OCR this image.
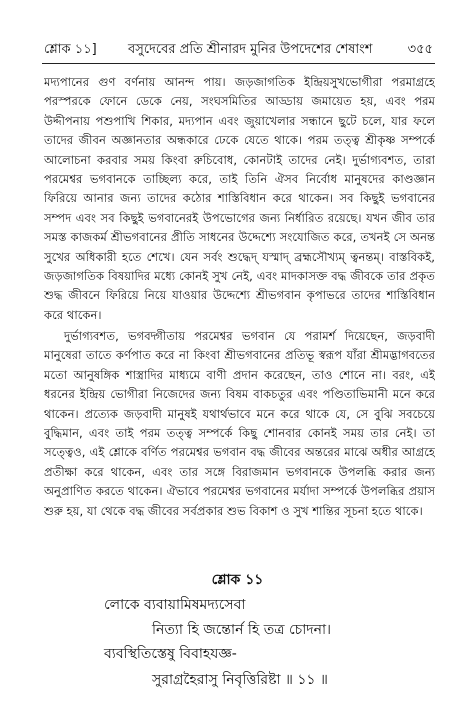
শ্লোক ১১] বসুদেবের প্রতি শ্রীনারদ মুনির উপদেশের শেষাংশ	৩৫৫

মদ্যপানের গুণ বর্ণনায় আনন্দ পায়। জড়জাগতিক ইন্দ্রিয়সুখভোগীরা পরমাগ্রহে পরস্পরকে ফোনে ডেকে নেয়, সংঘসমিতির আড্ডায় জমায়েত হয়, এবং পরম উদ্দীপনায় পশুপাখি শিকার, মদ্যপান এবং জুয়াখেলার সন্ধানে ছুটে চলে, যার ফলে তাদের জীবন অজ্ঞানতার অন্ধকারে ঢেকে যেতে থাকে। পরম তত্ত্ব শ্রীকৃষ্ণ সম্পর্কে আলোচনা করবার সময় কিংবা রুচিবোধ, কোনটাই তাদের নেই। দুর্ভাগ্যবশত, তারা পরমেশ্বর ভগবানকে তাচ্ছিল্য করে, তাই তিনি ঐসব নির্বোধ মানুষদের কাণ্ডজ্ঞান ফিরিয়ে আনার জন্য তাদের কঠোর শাস্তিবিধান করে থাকেন। সব কিছুই ভগবানের সম্পদ এবং সব কিছুই ভগবানেরই উপভোগের জন্য নির্ধারিত রয়েছে। যখন জীব তার সমস্ত কাজকর্ম শ্রীভগবানের প্রীতি সাধনের উদ্দেশ্যে সংযোজিত করে, তখনই সে অনন্ত সুখের অধিকারী হতে শেখে। যেন সর্বং শুদ্ধেদ্ যস্মাদ্ ব্রহ্মসৌখ্যম্ ত্বনন্তম্। বাস্তবিকই, জড়জাগতিক বিষয়াদির মধ্যে কোনই সুখ নেই, এবং মাদকাসক্ত বদ্ধ জীবকে তার প্রকৃত শুদ্ধ জীবনে ফিরিয়ে নিয়ে যাওয়ার উদ্দেশ্যে শ্রীভগবান কৃপাভরে তাদের শাস্তিবিধান করে থাকেন।

দুর্ভাগ্যবশত, ভগবদ্গীতায় পরমেশ্বর ভগবান যে পরামর্শ দিয়েছেন, জড়বাদী মানুষেরা তাতে কর্ণপাত করে না কিংবা শ্রীভগবানের প্রতিভূ স্বরূপ যাঁরা শ্রীমদ্ভাগবতের মতো আনুষঙ্গিক শাস্ত্রাদির মাধ্যমে বাণী প্রদান করেছেন, তাও শোনে না। বরং, এই ধরনের ইন্দ্রিয় ভোগীরা নিজেদের জন্য বিষম বাকচতুর এবং পণ্ডিতাভিমানী মনে করে থাকেন। প্রত্যেক জড়বাদী মানুষই যথার্থভাবে মনে করে থাকে যে, সে বুঝি সবচেয়ে বুদ্ধিমান, এবং তাই পরম তত্ত্ব সম্পর্কে কিছু শোনবার কোনই সময় তার নেই। তা সত্ত্বেও, এই শ্লোকে বর্ণিত পরমেশ্বর ভগবান বদ্ধ জীবের অন্তরের মাঝে অধীর আগ্রহে প্রতীক্ষা করে থাকেন, এবং তার সঙ্গে বিরাজমান ভগবানকে উপলব্ধি করার জন্য অনুপ্রাণিত করতে থাকেন। ঐভাবে পরমেশ্বর ভগবানের মর্যাদা সম্পর্কে উপলব্ধির প্রয়াস শুরু হয়, যা থেকে বদ্ধ জীবের সর্বপ্রকার শুভ বিকাশ ও সুখ শান্তির সূচনা হতে থাকে।

শ্লোক ১১
লোকে ব্যবায়ামিষমদ্যসেবা
নিত্যা হি জন্তোর্ন হি তত্র চোদনা।
ব্যবস্থিতিস্তেষু বিবাহযজ্ঞ-
সুরাগ্রহৈরাসু নিবৃত্তিরিষ্টা ॥ ১১ ॥
